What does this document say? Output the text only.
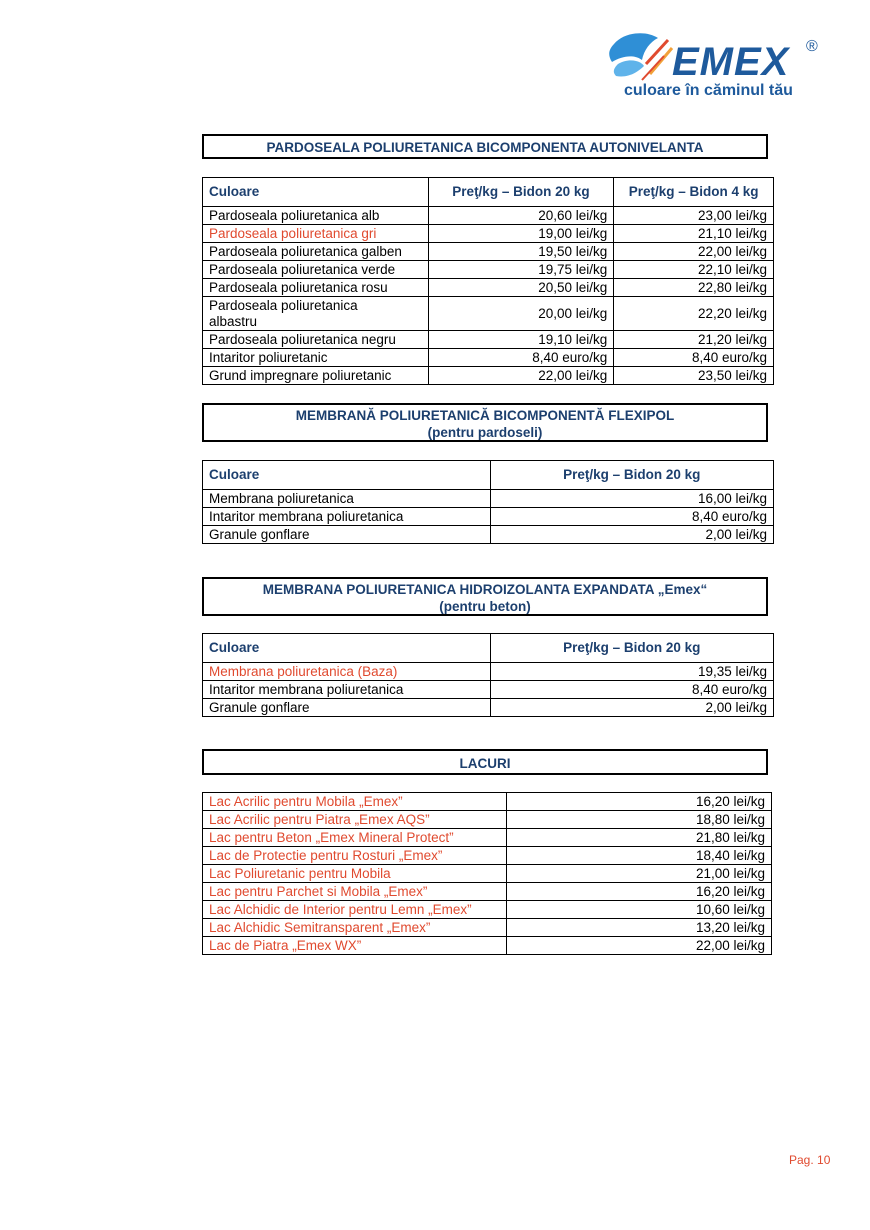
EMEX ®
culoare în căminul tău
PARDOSEALA POLIURETANICA BICOMPONENTA AUTONIVELANTA
Culoare	Preţ/kg – Bidon 20 kg	Preţ/kg – Bidon 4 kg
Pardoseala poliuretanica alb	20,60 lei/kg	23,00 lei/kg
Pardoseala poliuretanica gri	19,00 lei/kg	21,10 lei/kg
Pardoseala poliuretanica galben	19,50 lei/kg	22,00 lei/kg
Pardoseala poliuretanica verde	19,75 lei/kg	22,10 lei/kg
Pardoseala poliuretanica rosu	20,50 lei/kg	22,80 lei/kg

Pardoseala poliuretanica
albastru	20,00 lei/kg	22,20 lei/kg
Pardoseala poliuretanica negru	19,10 lei/kg	21,20 lei/kg
Intaritor poliuretanic	8,40 euro/kg	8,40 euro/kg
Grund impregnare poliuretanic	22,00 lei/kg	23,50 lei/kg
MEMBRANĂ POLIURETANICĂ BICOMPONENTĂ FLEXIPOL
(pentru pardoseli)
Culoare	Preţ/kg – Bidon 20 kg
Membrana poliuretanica	16,00 lei/kg
Intaritor membrana poliuretanica	8,40 euro/kg
Granule gonflare	2,00 lei/kg
MEMBRANA POLIURETANICA HIDROIZOLANTA EXPANDATA „Emex“
(pentru beton)
Culoare	Preţ/kg – Bidon 20 kg
Membrana poliuretanica (Baza)	19,35 lei/kg
Intaritor membrana poliuretanica	8,40 euro/kg
Granule gonflare	2,00 lei/kg
LACURI
Lac Acrilic pentru Mobila „Emex”	16,20 lei/kg
Lac Acrilic pentru Piatra „Emex AQS”	18,80 lei/kg
Lac pentru Beton „Emex Mineral Protect”	21,80 lei/kg
Lac de Protectie pentru Rosturi „Emex”	18,40 lei/kg
Lac Poliuretanic pentru Mobila	21,00 lei/kg
Lac pentru Parchet si Mobila „Emex”	16,20 lei/kg
Lac Alchidic de Interior pentru Lemn „Emex”	10,60 lei/kg
Lac Alchidic Semitransparent „Emex”	13,20 lei/kg
Lac de Piatra „Emex WX”	22,00 lei/kg
Pag. 10
